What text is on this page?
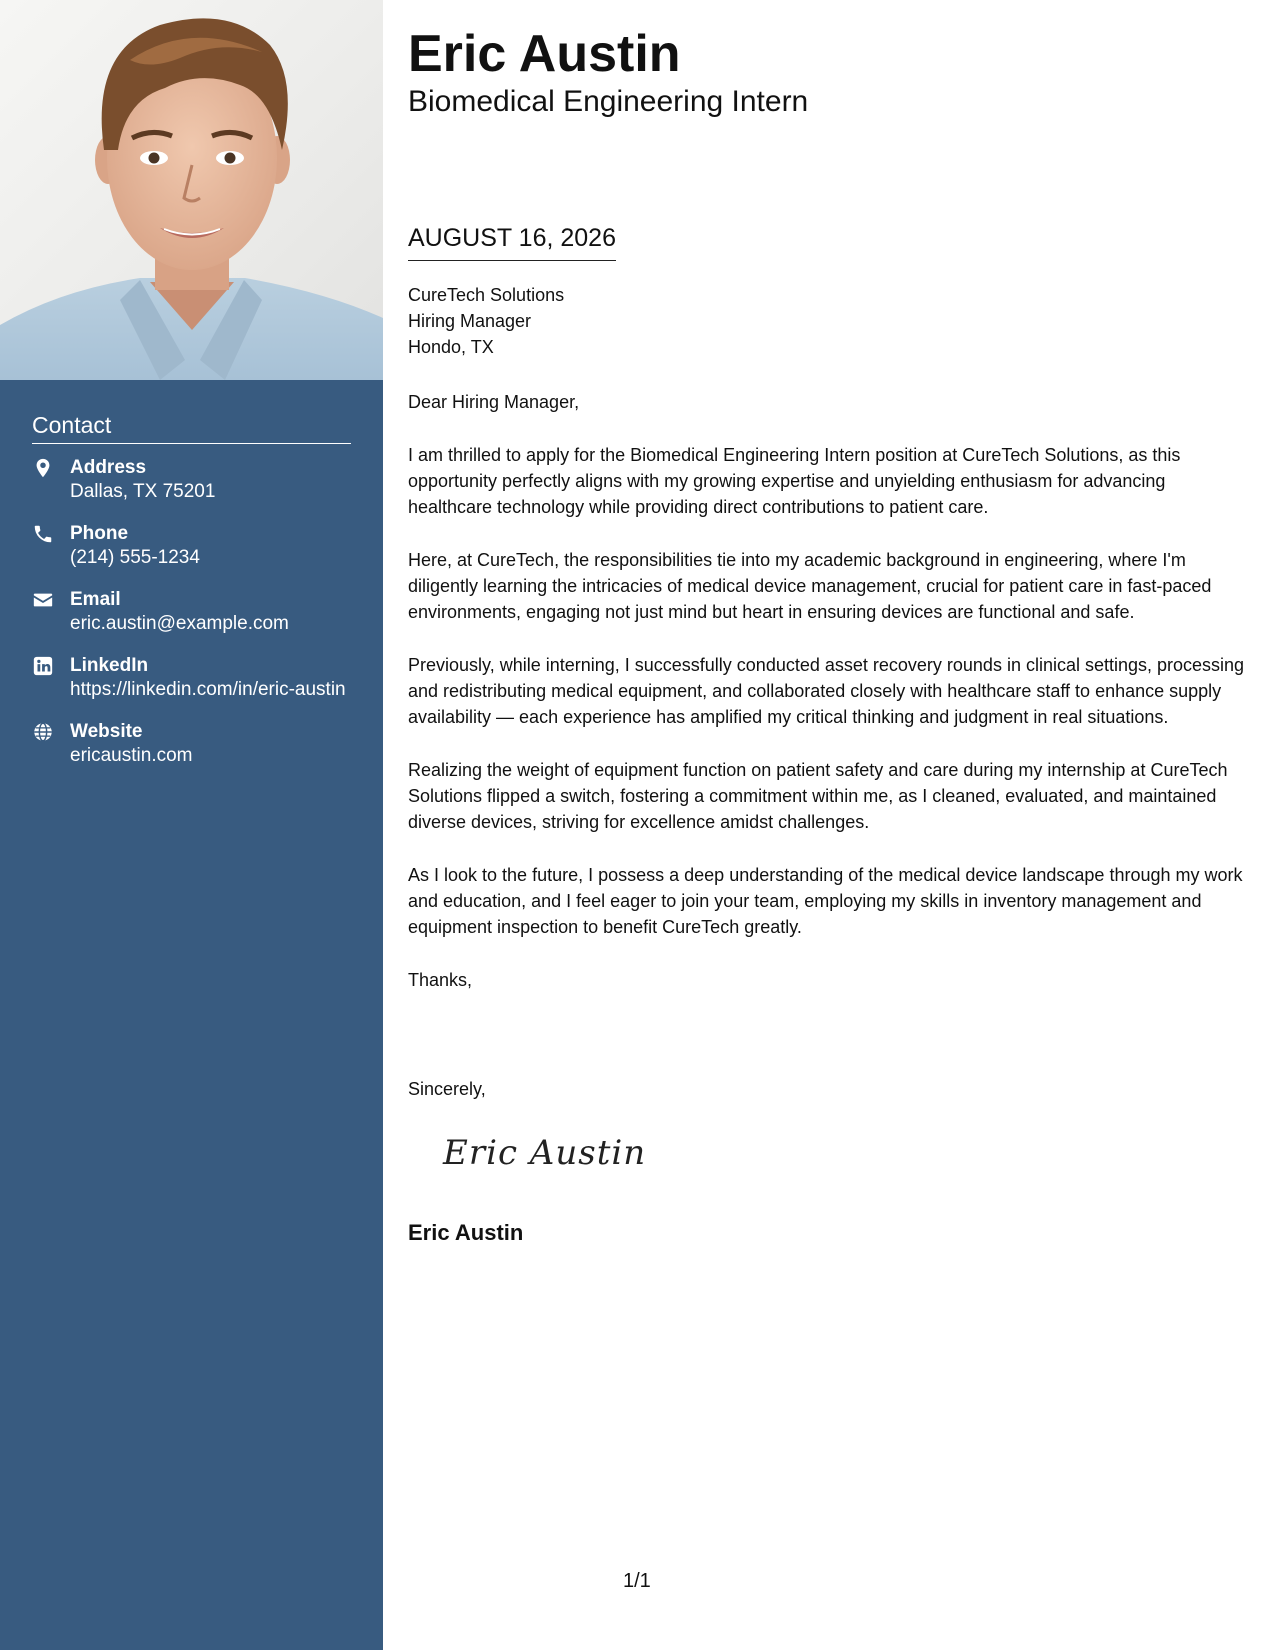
Contact
Address
Dallas, TX 75201
Phone
(214) 555-1234
Email
eric.austin@example.com
LinkedIn
https://linkedin.com/in/eric-austin
Website
ericaustin.com
Eric Austin
Biomedical Engineering Intern
AUGUST 16, 2026
CureTech Solutions
Hiring Manager
Hondo, TX

Dear Hiring Manager,

I am thrilled to apply for the Biomedical Engineering Intern position at CureTech Solutions, as this opportunity perfectly aligns with my growing expertise and unyielding enthusiasm for advancing healthcare technology while providing direct contributions to patient care.

Here, at CureTech, the responsibilities tie into my academic background in engineering, where I'm diligently learning the intricacies of medical device management, crucial for patient care in fast-paced environments, engaging not just mind but heart in ensuring devices are functional and safe.

Previously, while interning, I successfully conducted asset recovery rounds in clinical settings, processing and redistributing medical equipment, and collaborated closely with healthcare staff to enhance supply availability — each experience has amplified my critical thinking and judgment in real situations.

Realizing the weight of equipment function on patient safety and care during my internship at CureTech Solutions flipped a switch, fostering a commitment within me, as I cleaned, evaluated, and maintained diverse devices, striving for excellence amidst challenges.

As I look to the future, I possess a deep understanding of the medical device landscape through my work and education, and I feel eager to join your team, employing my skills in inventory management and equipment inspection to benefit CureTech greatly.

Thanks,

Sincerely,
Eric Austin
Eric Austin
1/1
